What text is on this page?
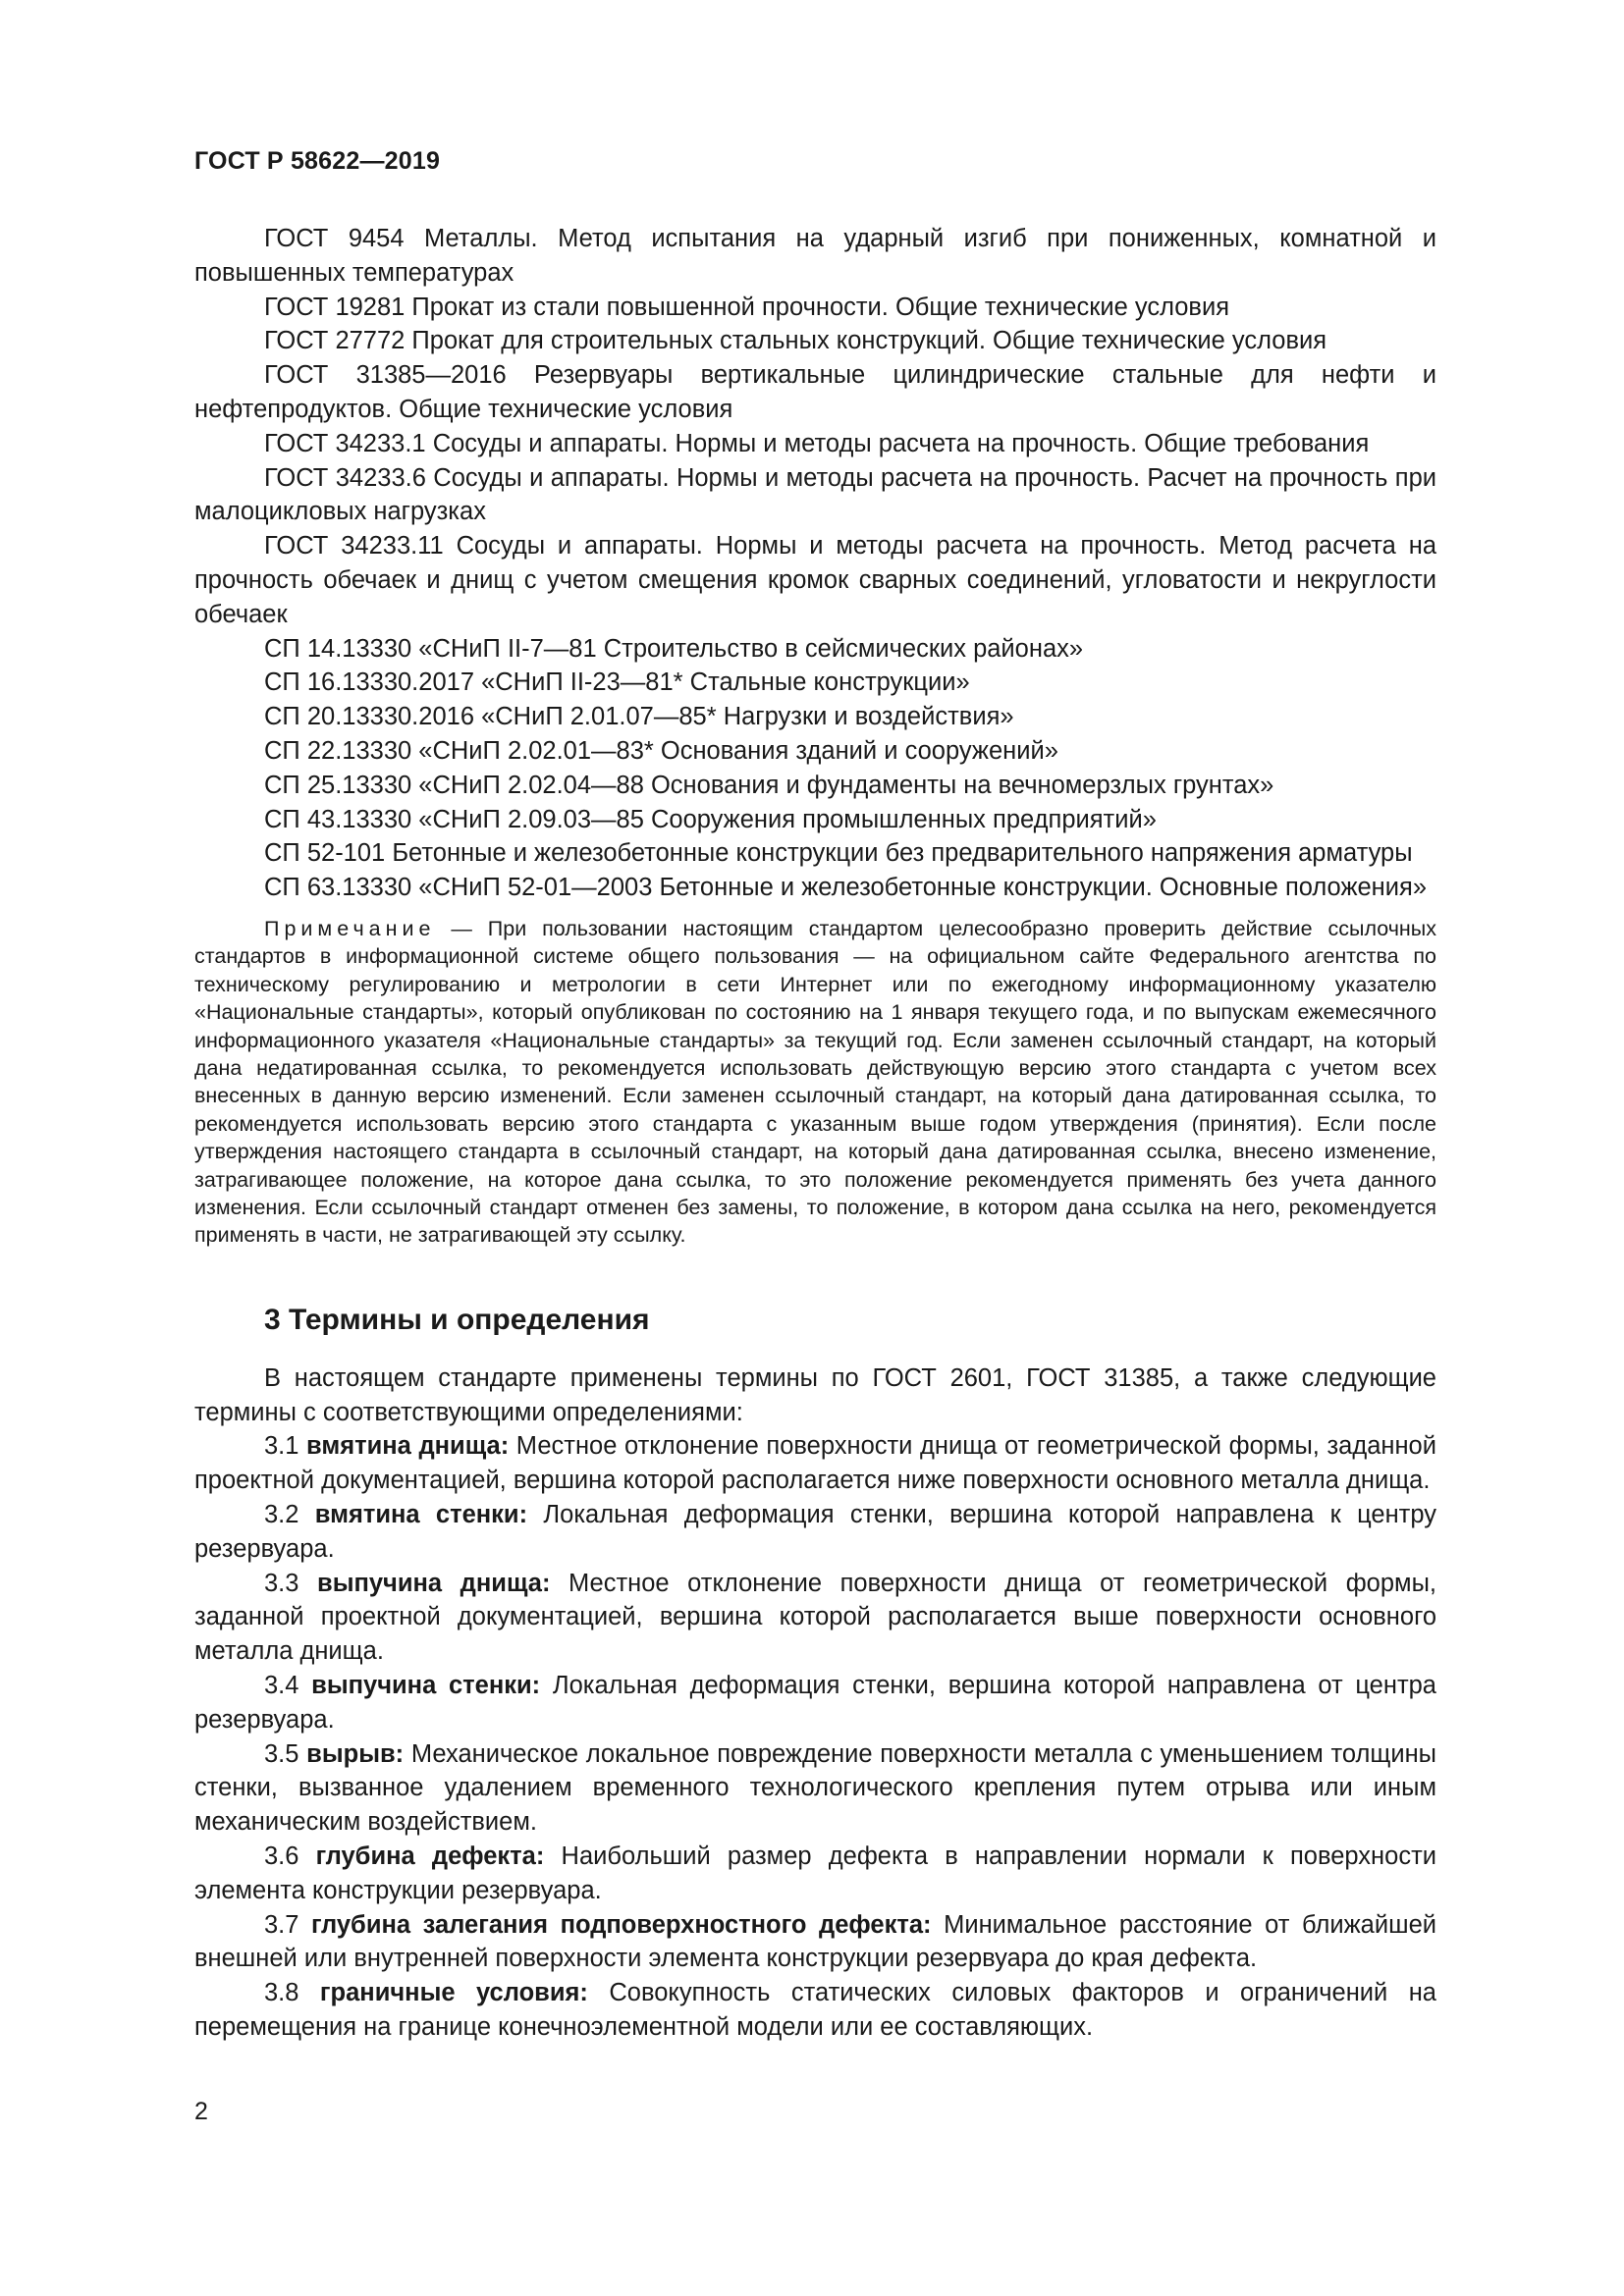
ГОСТ Р 58622—2019

ГОСТ 9454 Металлы. Метод испытания на ударный изгиб при пониженных, комнатной и повышенных температурах

ГОСТ 19281 Прокат из стали повышенной прочности. Общие технические условия

ГОСТ 27772 Прокат для строительных стальных конструкций. Общие технические условия

ГОСТ 31385—2016 Резервуары вертикальные цилиндрические стальные для нефти и нефтепродуктов. Общие технические условия

ГОСТ 34233.1 Сосуды и аппараты. Нормы и методы расчета на прочность. Общие требования

ГОСТ 34233.6 Сосуды и аппараты. Нормы и методы расчета на прочность. Расчет на прочность при малоцикловых нагрузках

ГОСТ 34233.11 Сосуды и аппараты. Нормы и методы расчета на прочность. Метод расчета на прочность обечаек и днищ с учетом смещения кромок сварных соединений, угловатости и некруглости обечаек

СП 14.13330 «СНиП II-7—81 Строительство в сейсмических районах»

СП 16.13330.2017 «СНиП II-23—81* Стальные конструкции»

СП 20.13330.2016 «СНиП 2.01.07—85* Нагрузки и воздействия»

СП 22.13330 «СНиП 2.02.01—83* Основания зданий и сооружений»

СП 25.13330 «СНиП 2.02.04—88 Основания и фундаменты на вечномерзлых грунтах»

СП 43.13330 «СНиП 2.09.03—85 Сооружения промышленных предприятий»

СП 52-101 Бетонные и железобетонные конструкции без предварительного напряжения арматуры

СП 63.13330 «СНиП 52-01—2003 Бетонные и железобетонные конструкции. Основные положения»

Примечание — При пользовании настоящим стандартом целесообразно проверить действие ссылочных стандартов в информационной системе общего пользования — на официальном сайте Федерального агентства по техническому регулированию и метрологии в сети Интернет или по ежегодному информационному указателю «Национальные стандарты», который опубликован по состоянию на 1 января текущего года, и по выпускам ежемесячного информационного указателя «Национальные стандарты» за текущий год. Если заменен ссылочный стандарт, на который дана недатированная ссылка, то рекомендуется использовать действующую версию этого стандарта с учетом всех внесенных в данную версию изменений. Если заменен ссылочный стандарт, на который дана датированная ссылка, то рекомендуется использовать версию этого стандарта с указанным выше годом утверждения (принятия). Если после утверждения настоящего стандарта в ссылочный стандарт, на который дана датированная ссылка, внесено изменение, затрагивающее положение, на которое дана ссылка, то это положение рекомендуется применять без учета данного изменения. Если ссылочный стандарт отменен без замены, то положение, в котором дана ссылка на него, рекомендуется применять в части, не затрагивающей эту ссылку.

3 Термины и определения

В настоящем стандарте применены термины по ГОСТ 2601, ГОСТ 31385, а также следующие термины с соответствующими определениями:

3.1 вмятина днища: Местное отклонение поверхности днища от геометрической формы, заданной проектной документацией, вершина которой располагается ниже поверхности основного металла днища.

3.2 вмятина стенки: Локальная деформация стенки, вершина которой направлена к центру резервуара.

3.3 выпучина днища: Местное отклонение поверхности днища от геометрической формы, заданной проектной документацией, вершина которой располагается выше поверхности основного металла днища.

3.4 выпучина стенки: Локальная деформация стенки, вершина которой направлена от центра резервуара.

3.5 вырыв: Механическое локальное повреждение поверхности металла с уменьшением толщины стенки, вызванное удалением временного технологического крепления путем отрыва или иным механическим воздействием.

3.6 глубина дефекта: Наибольший размер дефекта в направлении нормали к поверхности элемента конструкции резервуара.

3.7 глубина залегания подповерхностного дефекта: Минимальное расстояние от ближайшей внешней или внутренней поверхности элемента конструкции резервуара до края дефекта.

3.8 граничные условия: Совокупность статических силовых факторов и ограничений на перемещения на границе конечноэлементной модели или ее составляющих.

2
